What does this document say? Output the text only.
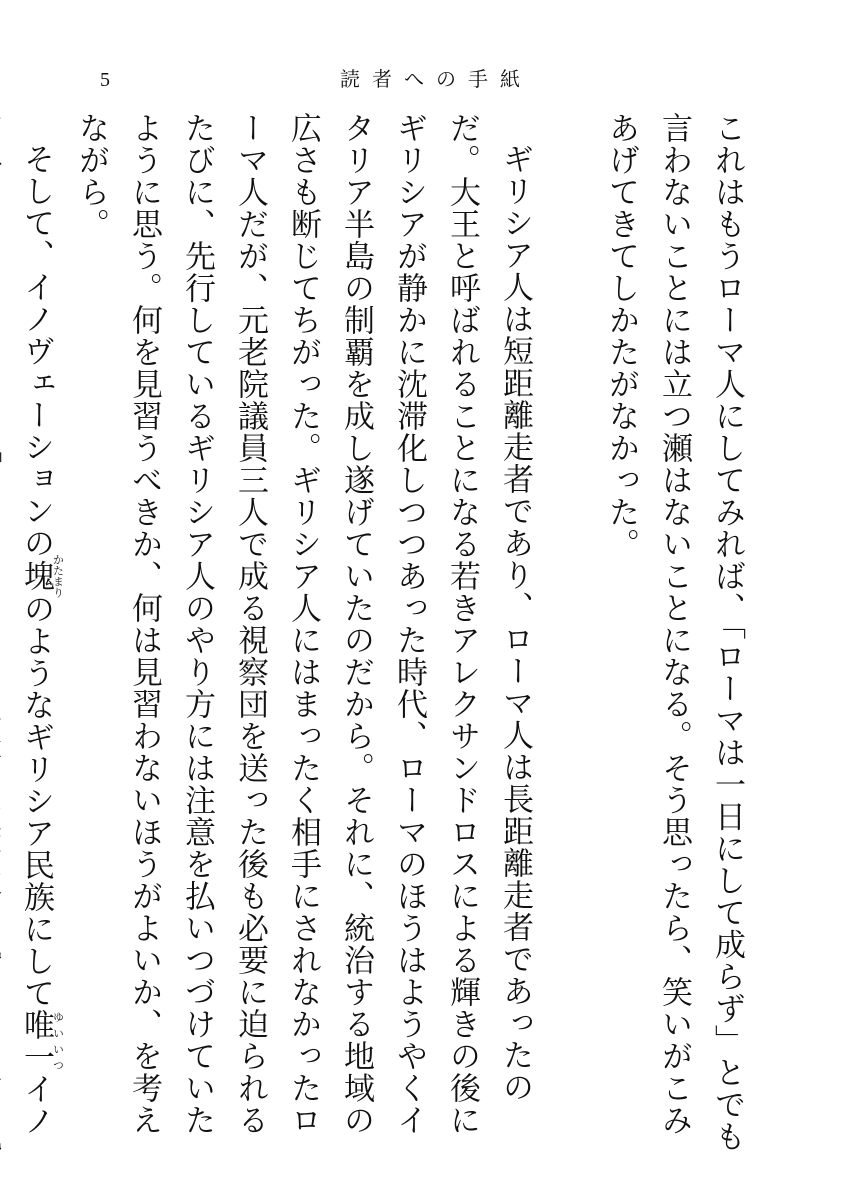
5	読者への手紙

これはもうローマ人にしてみれば、「ローマは一日にして成らず」とでも言わないことには立つ瀬はないことになる。そう思ったら、笑いがこみあげてきてしかたがなかった。

ギリシア人は短距離走者であり、ローマ人は長距離走者であったのだ。大王と呼ばれることになる若きアレクサンドロスによる輝きの後にギリシアが静かに沈滞化しつつあった時代、ローマのほうはようやくイタリア半島の制覇を成し遂げていたのだから。それに、統治する地域の広さも断じてちがった。ギリシア人にはまったく相手にされなかったローマ人だが、元老院議員三人で成る視察団を送った後も必要に迫られるたびに、先行しているギリシア人のやり方には注意を払いつづけていたように思う。何を見習うべきか、何は見習わないほうがよいか、を考えながら。

そして、イノヴェーションの塊かたまりのようなギリシア民族にして唯一ゆいいつイノ
